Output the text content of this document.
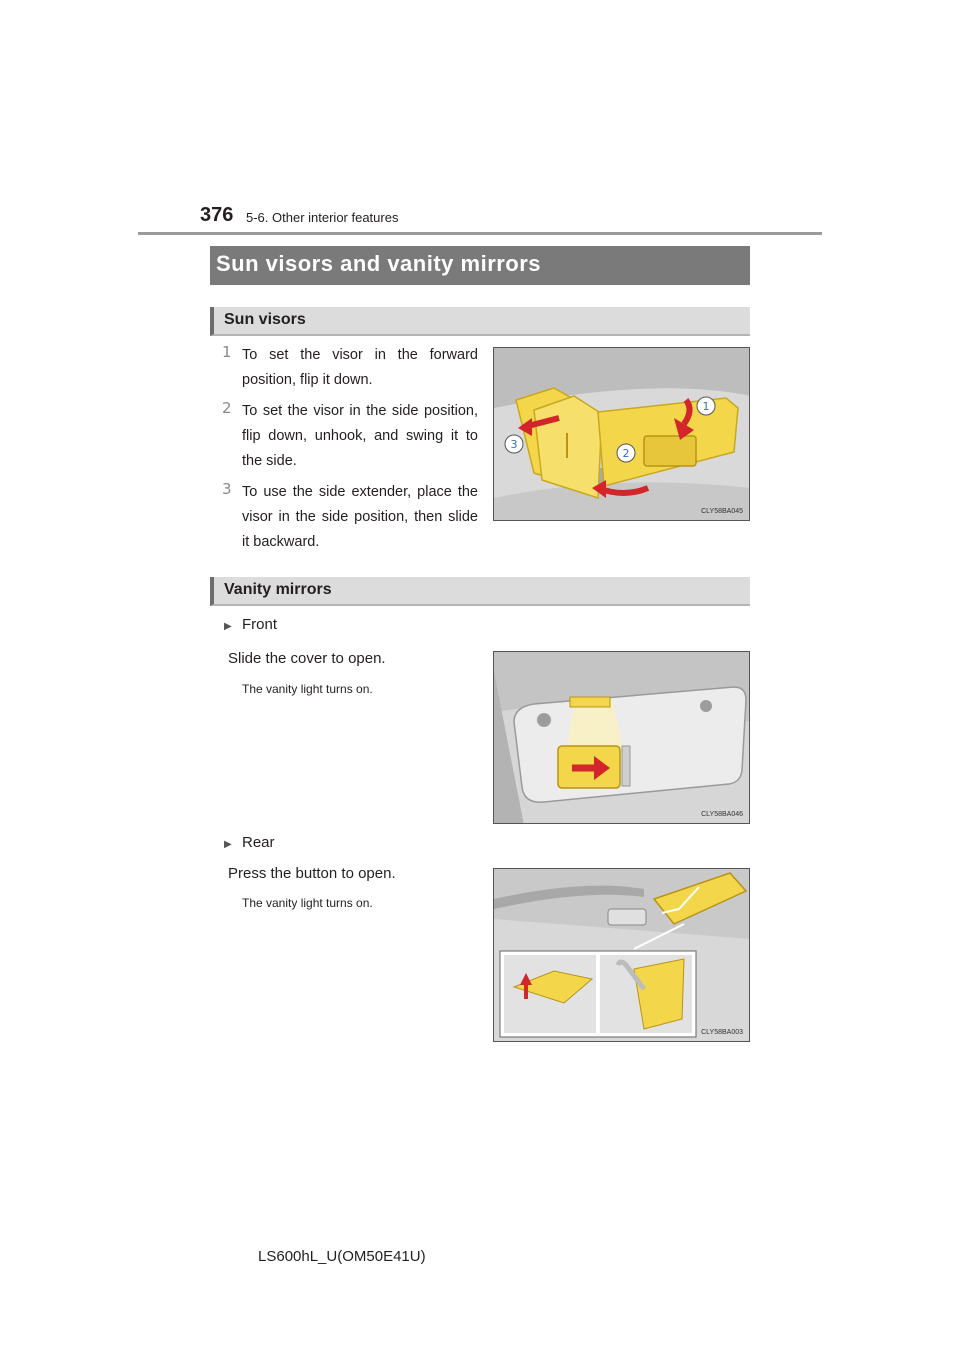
376 5-6. Other interior features
Sun visors and vanity mirrors
Sun visors
1 To set the visor in the forward position, flip it down.
2 To set the visor in the side position, flip down, unhook, and swing it to the side.
3 To use the side extender, place the visor in the side position, then slide it backward.
1
2
3
CLY58BA045
Vanity mirrors
▶ Front
Slide the cover to open.
The vanity light turns on.
CLY58BA046
▶ Rear
Press the button to open.
The vanity light turns on.
CLY58BA003
LS600hL_U(OM50E41U)
